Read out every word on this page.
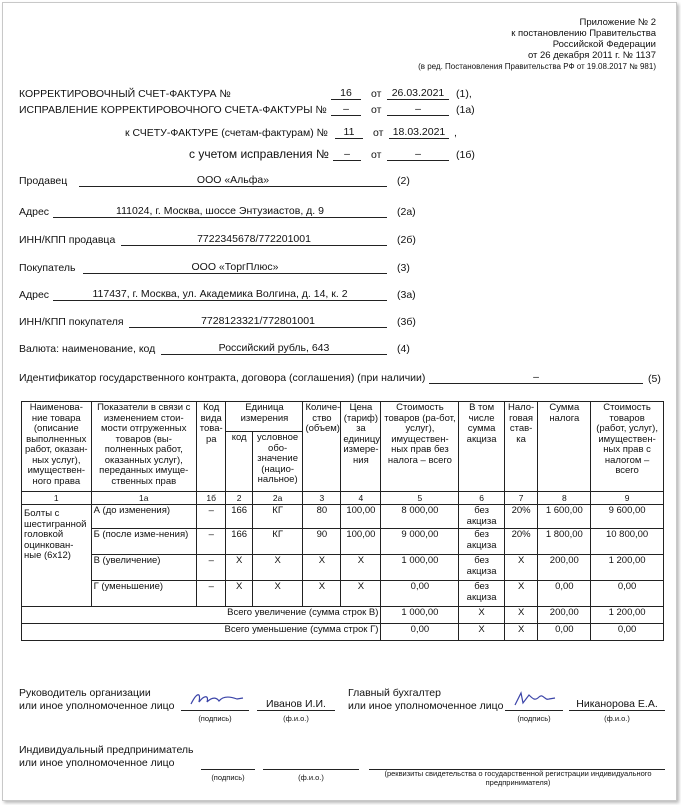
Приложение № 2
к постановлению Правительства
Российской Федерации
от 26 декабря 2011 г. № 1137
(в ред. Постановления Правительства РФ от 19.08.2017 № 981)
КОРРЕКТИРОВОЧНЫЙ СЧЕТ-ФАКТУРА №	16	от 26.03.2021	(1),
ИСПРАВЛЕНИЕ КОРРЕКТИРОВОЧНОГО СЧЕТА-ФАКТУРЫ №	–	от	–	(1а)
к СЧЕТУ-ФАКТУРЕ (счетам-фактурам) №	11	от 18.03.2021 ,
с учетом исправления №	–	от	–	(1б)
Продавец	ООО «Альфа»	(2)
Адрес	111024, г. Москва, шоссе Энтузиастов, д. 9	(2а)
ИНН/КПП продавца	7722345678/772201001	(2б)
Покупатель	ООО «ТоргПлюс»	(3)
Адрес	117437, г. Москва, ул. Академика Волгина, д. 14, к. 2	(3а)
ИНН/КПП покупателя	7728123321/772801001	(3б)
Валюта: наименование, код	Российский рубль, 643	(4)
Идентификатор государственного контракта, договора (соглашения) (при наличии)	–	(5)
Наименова-ние товара (описание выполненных работ, оказан-ных услуг), имуществен-ного права	Показатели в связи с изменением стои-мости отгруженных товаров (вы-полненных работ, оказанных услуг), переданных имуще-ственных прав	Код вида това-ра	Единица измерения		Количе-ство (объем)	Цена (тариф) за единицу измере-ния	Стоимость товаров (ра-бот, услуг), имуществен-ных прав без налога – всего	В том числе сумма акциза	Нало-говая став-ка	Сумма налога	Стоимость товаров (работ, услуг), имуществен-ных прав с налогом – всего
			код	условное обо-значение (нацио-нальное)							
1	1а	1б	2	2а	3	4	5	6	7	8	9
Болты с шестигранной головкой оцинкован-ные (6х12)	А (до изменения)	–	166	КГ	80	100,00	8 000,00	без акциза	20%	1 600,00	9 600,00
	Б (после изме-нения)	–	166	КГ	90	100,00	9 000,00	без акциза	20%	1 800,00	10 800,00
	В (увеличение)	–	X	X	X	X	1 000,00	без акциза	X	200,00	1 200,00
	Г (уменьшение)	–	X	X	X	X	0,00	без акциза	X	0,00	0,00
Всего увеличение (сумма строк В)							1 000,00	X	X	200,00	1 200,00
Всего уменьшение (сумма строк Г)							0,00	X	X	0,00	0,00
Руководитель организации
или иное уполномоченное лицо
(подпись)
Иванов И.И.
(ф.и.о.)
Главный бухгалтер
или иное уполномоченное лицо
(подпись)
Никанорова Е.А.
(ф.и.о.)
Индивидуальный предприниматель
или иное уполномоченное лицо
(подпись)	(ф.и.о.)	(реквизиты свидетельства о государственной регистрации индивидуального предпринимателя)
